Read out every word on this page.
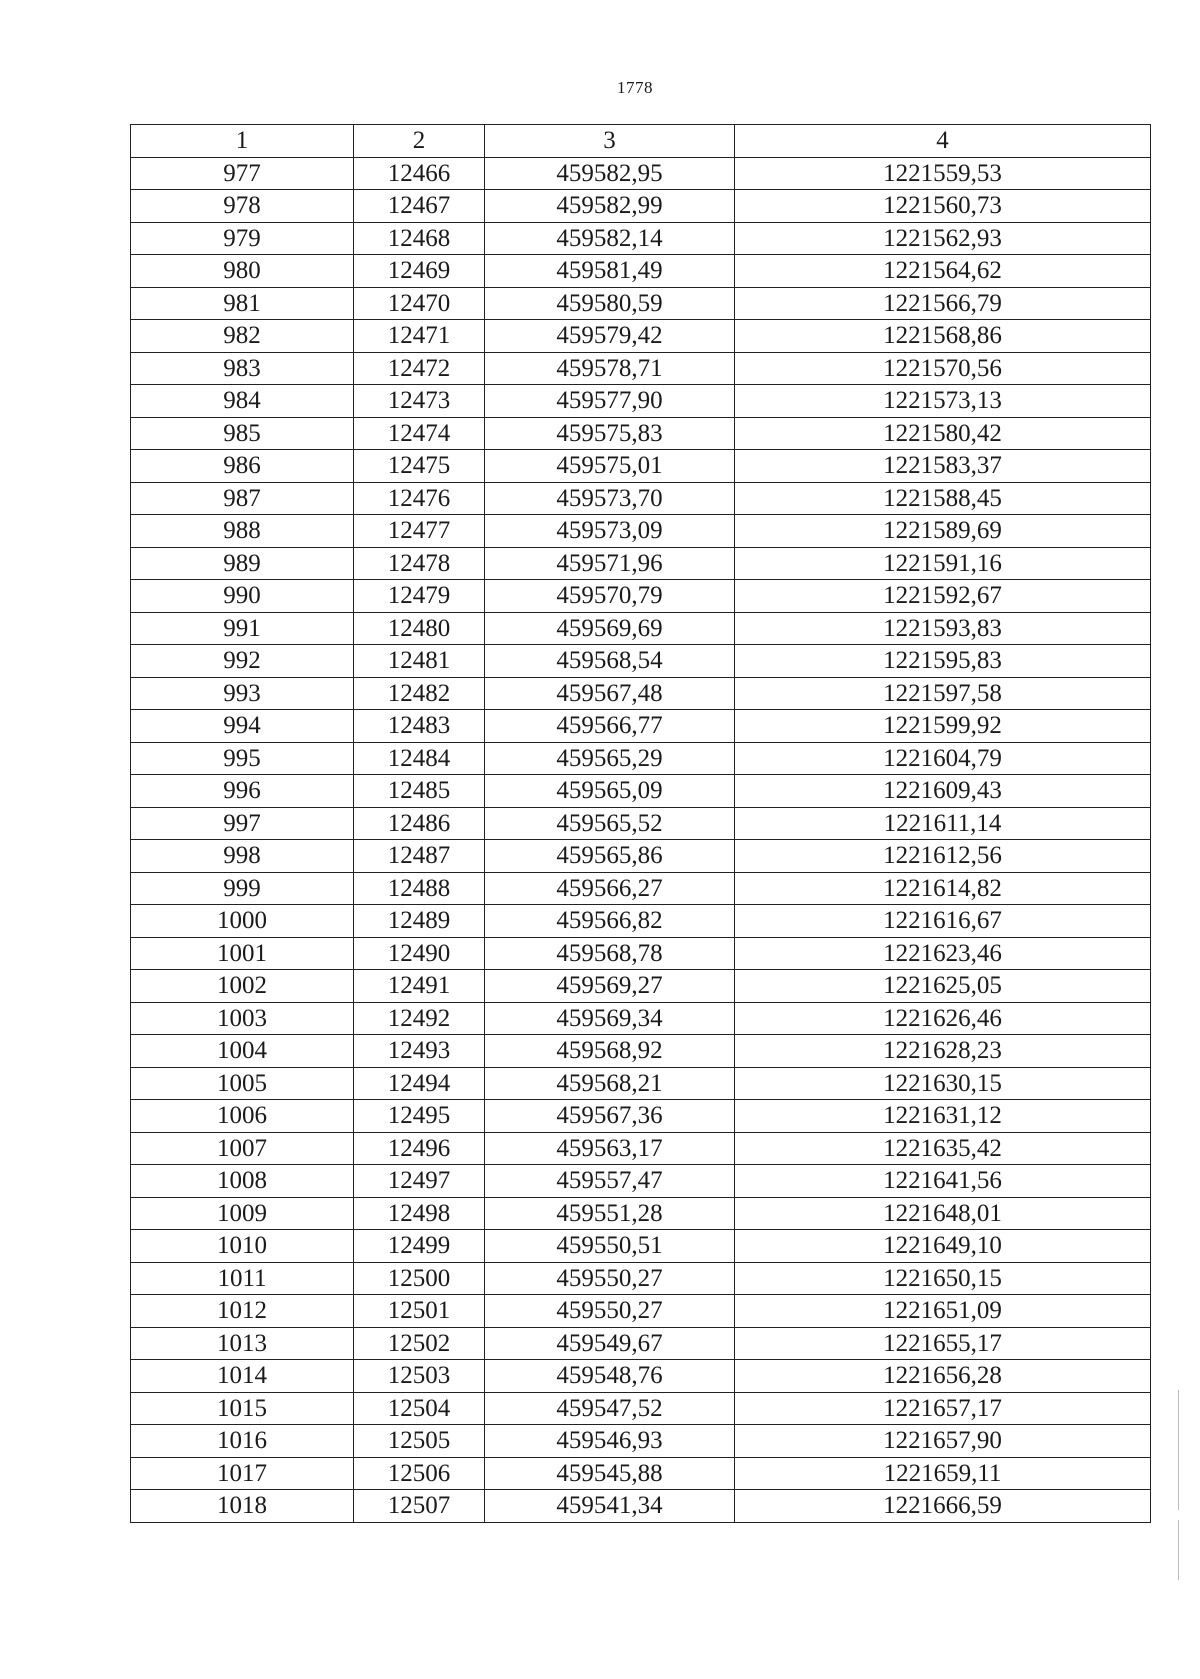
1778
1	2	3	4
977	12466	459582,95	1221559,53
978	12467	459582,99	1221560,73
979	12468	459582,14	1221562,93
980	12469	459581,49	1221564,62
981	12470	459580,59	1221566,79
982	12471	459579,42	1221568,86
983	12472	459578,71	1221570,56
984	12473	459577,90	1221573,13
985	12474	459575,83	1221580,42
986	12475	459575,01	1221583,37
987	12476	459573,70	1221588,45
988	12477	459573,09	1221589,69
989	12478	459571,96	1221591,16
990	12479	459570,79	1221592,67
991	12480	459569,69	1221593,83
992	12481	459568,54	1221595,83
993	12482	459567,48	1221597,58
994	12483	459566,77	1221599,92
995	12484	459565,29	1221604,79
996	12485	459565,09	1221609,43
997	12486	459565,52	1221611,14
998	12487	459565,86	1221612,56
999	12488	459566,27	1221614,82
1000	12489	459566,82	1221616,67
1001	12490	459568,78	1221623,46
1002	12491	459569,27	1221625,05
1003	12492	459569,34	1221626,46
1004	12493	459568,92	1221628,23
1005	12494	459568,21	1221630,15
1006	12495	459567,36	1221631,12
1007	12496	459563,17	1221635,42
1008	12497	459557,47	1221641,56
1009	12498	459551,28	1221648,01
1010	12499	459550,51	1221649,10
1011	12500	459550,27	1221650,15
1012	12501	459550,27	1221651,09
1013	12502	459549,67	1221655,17
1014	12503	459548,76	1221656,28
1015	12504	459547,52	1221657,17
1016	12505	459546,93	1221657,90
1017	12506	459545,88	1221659,11
1018	12507	459541,34	1221666,59
